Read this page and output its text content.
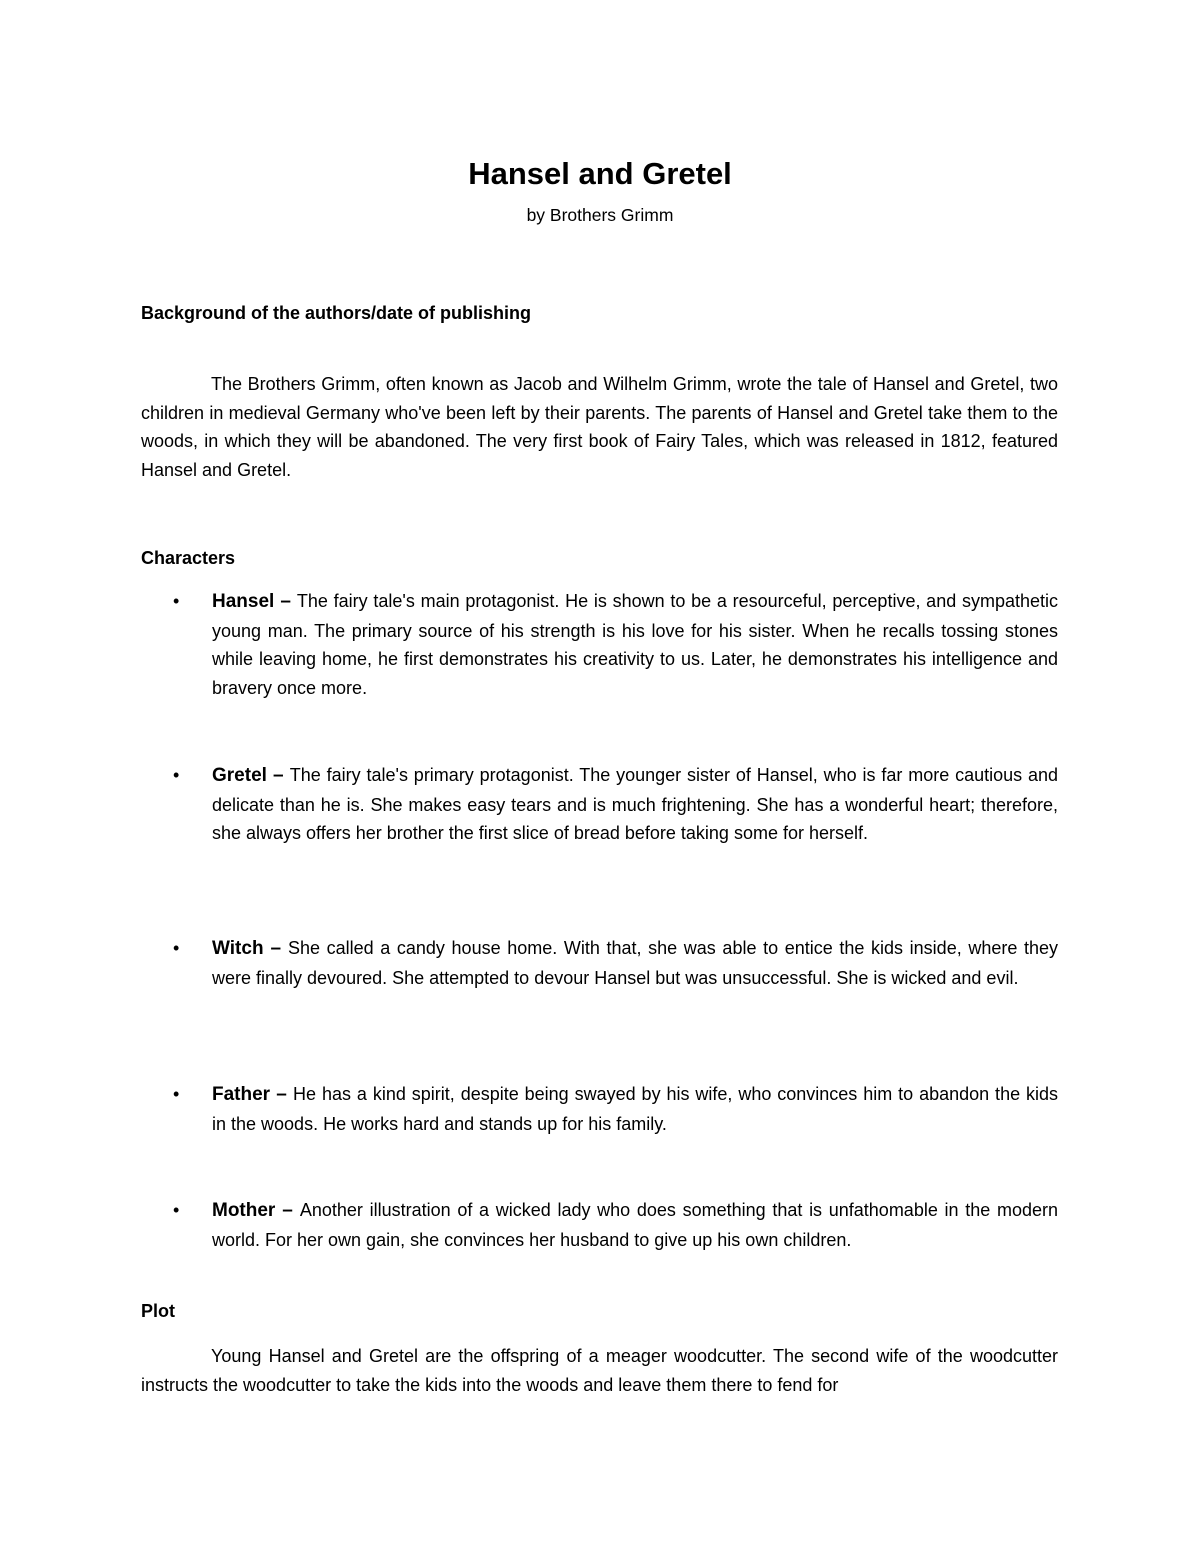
Hansel and Gretel
by Brothers Grimm
Background of the authors/date of publishing

The Brothers Grimm, often known as Jacob and Wilhelm Grimm, wrote the tale of Hansel and Gretel, two children in medieval Germany who've been left by their parents. The parents of Hansel and Gretel take them to the woods, in which they will be abandoned. The very first book of Fairy Tales, which was released in 1812, featured Hansel and Gretel.

Characters
• Hansel – The fairy tale's main protagonist. He is shown to be a resourceful, perceptive, and sympathetic young man. The primary source of his strength is his love for his sister. When he recalls tossing stones while leaving home, he first demonstrates his creativity to us. Later, he demonstrates his intelligence and bravery once more.
• Gretel – The fairy tale's primary protagonist. The younger sister of Hansel, who is far more cautious and delicate than he is. She makes easy tears and is much frightening. She has a wonderful heart; therefore, she always offers her brother the first slice of bread before taking some for herself.
• Witch – She called a candy house home. With that, she was able to entice the kids inside, where they were finally devoured. She attempted to devour Hansel but was unsuccessful. She is wicked and evil.
• Father – He has a kind spirit, despite being swayed by his wife, who convinces him to abandon the kids in the woods. He works hard and stands up for his family.
• Mother – Another illustration of a wicked lady who does something that is unfathomable in the modern world. For her own gain, she convinces her husband to give up his own children.
Plot

Young Hansel and Gretel are the offspring of a meager woodcutter. The second wife of the woodcutter instructs the woodcutter to take the kids into the woods and leave them there to fend for
